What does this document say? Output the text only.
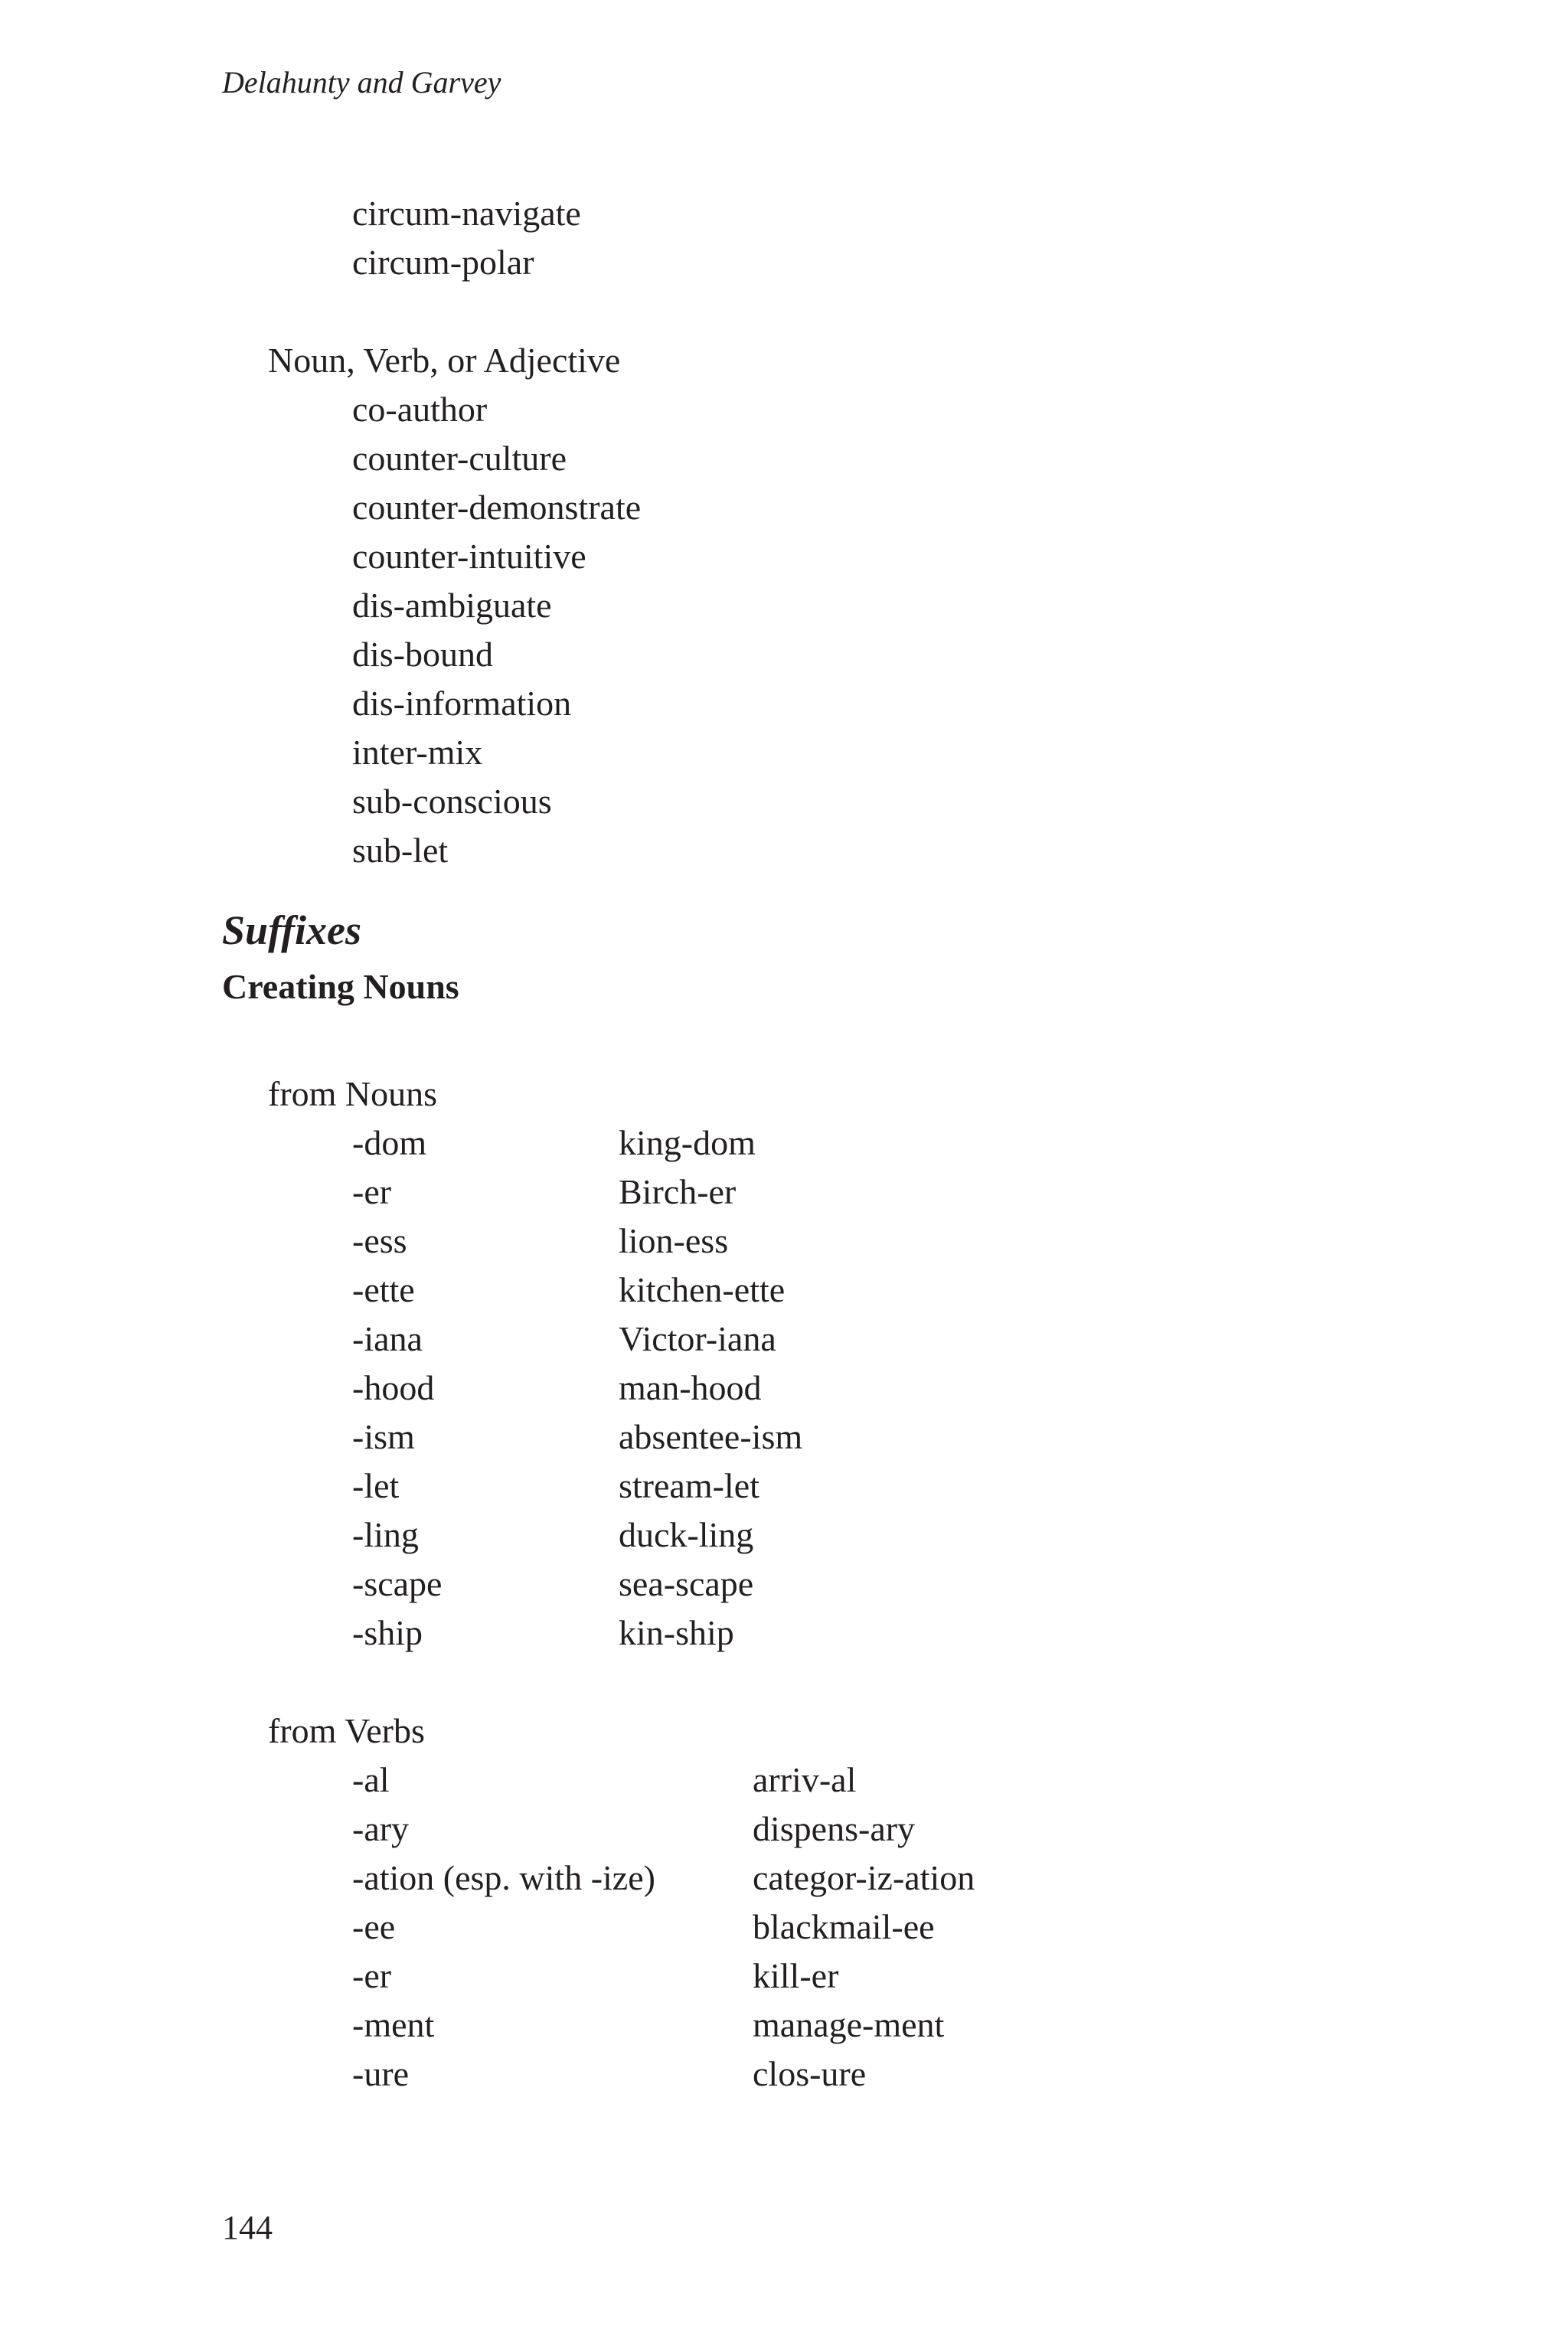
Delahunty and Garvey
circum-navigate
circum-polar
Noun, Verb, or Adjective
co-author
counter-culture
counter-demonstrate
counter-intuitive
dis-ambiguate
dis-bound
dis-information
inter-mix
sub-conscious
sub-let
Suffixes
Creating Nouns
from Nouns
-dom	king-dom
-er	Birch-er
-ess	lion-ess
-ette	kitchen-ette
-iana	Victor-iana
-hood	man-hood
-ism	absentee-ism
-let	stream-let
-ling	duck-ling
-scape	sea-scape
-ship	kin-ship
from Verbs
-al	arriv-al
-ary	dispens-ary
-ation (esp. with -ize)	categor-iz-ation
-ee	blackmail-ee
-er	kill-er
-ment	manage-ment
-ure	clos-ure
144
